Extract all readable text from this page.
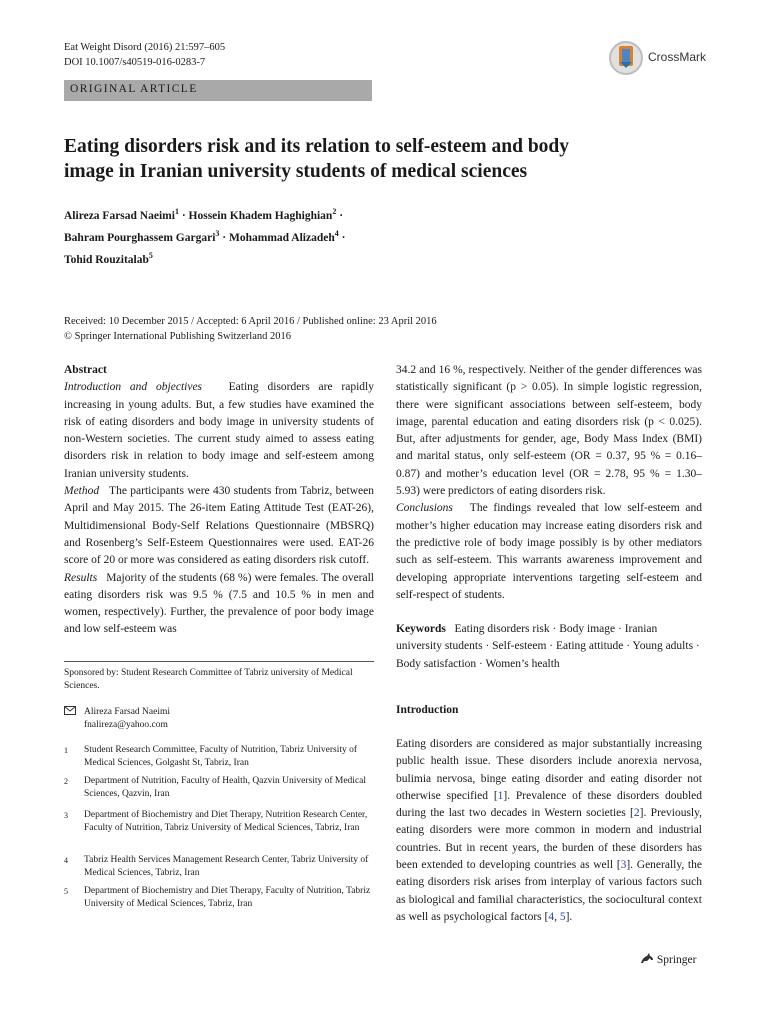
Eat Weight Disord (2016) 21:597–605
DOI 10.1007/s40519-016-0283-7	CrossMark
ORIGINAL ARTICLE
Eating disorders risk and its relation to self-esteem and body
image in Iranian university students of medical sciences
Alireza Farsad Naeimi$^1$ · Hossein Khadem Haghighian$^2$ ·
Bahram Pourghassem Gargari$^3$ · Mohammad Alizadeh$^4$ ·
Tohid Rouzitalab$^5$
Received: 10 December 2015 / Accepted: 6 April 2016 / Published online: 23 April 2016
© Springer International Publishing Switzerland 2016
Abstract
Introduction and objectives Eating disorders are rapidly increasing in young adults. But, a few studies have examined the risk of eating disorders and body image in university students of non-Western societies. The current study aimed to assess eating disorders risk in relation to body image and self-esteem among Iranian university students.
Method The participants were 430 students from Tabriz, between April and May 2015. The 26-item Eating Attitude Test (EAT-26), Multidimensional Body-Self Relations Questionnaire (MBSRQ) and Rosenberg’s Self-Esteem Questionnaires were used. EAT-26 score of 20 or more was considered as eating disorders risk cutoff.
Results Majority of the students (68 %) were females. The overall eating disorders risk was 9.5 % (7.5 and 10.5 % in men and women, respectively). Further, the prevalence of poor body image and low self-esteem was
Sponsored by: Student Research Committee of Tabriz university of Medical Sciences.
Alireza Farsad Naeimi
fnalireza@yahoo.com
1 Student Research Committee, Faculty of Nutrition, Tabriz University of Medical Sciences, Golgasht St, Tabriz, Iran
2 Department of Nutrition, Faculty of Health, Qazvin University of Medical Sciences, Qazvin, Iran
3 Department of Biochemistry and Diet Therapy, Nutrition Research Center, Faculty of Nutrition, Tabriz University of Medical Sciences, Tabriz, Iran
4 Tabriz Health Services Management Research Center, Tabriz University of Medical Sciences, Tabriz, Iran
5 Department of Biochemistry and Diet Therapy, Faculty of Nutrition, Tabriz University of Medical Sciences, Tabriz, Iran
34.2 and 16 %, respectively. Neither of the gender differences was statistically significant (p > 0.05). In simple logistic regression, there were significant associations between self-esteem, body image, parental education and eating disorders risk (p < 0.025). But, after adjustments for gender, age, Body Mass Index (BMI) and marital status, only self-esteem (OR = 0.37, 95 % = 0.16–0.87) and mother’s education level (OR = 2.78, 95 % = 1.30–5.93) were predictors of eating disorders risk.
Conclusions The findings revealed that low self-esteem and mother’s higher education may increase eating disorders risk and the predictive role of body image possibly is by other mediators such as self-esteem. This warrants awareness improvement and developing appropriate interventions targeting self-esteem and self-respect of students.
Keywords Eating disorders risk · Body image · Iranian university students · Self-esteem · Eating attitude · Young adults · Body satisfaction · Women’s health
Introduction
Eating disorders are considered as major substantially increasing public health issue. These disorders include anorexia nervosa, bulimia nervosa, binge eating disorder and eating disorder not otherwise specified [1]. Prevalence of these disorders doubled during the last two decades in Western societies [2]. Previously, eating disorders were more common in modern and industrial countries. But in recent years, the burden of these disorders has been extended to developing countries as well [3]. Generally, the eating disorders risk arises from interplay of various factors such as biological and familial characteristics, the sociocultural context as well as psychological factors [4, 5].
Springer
